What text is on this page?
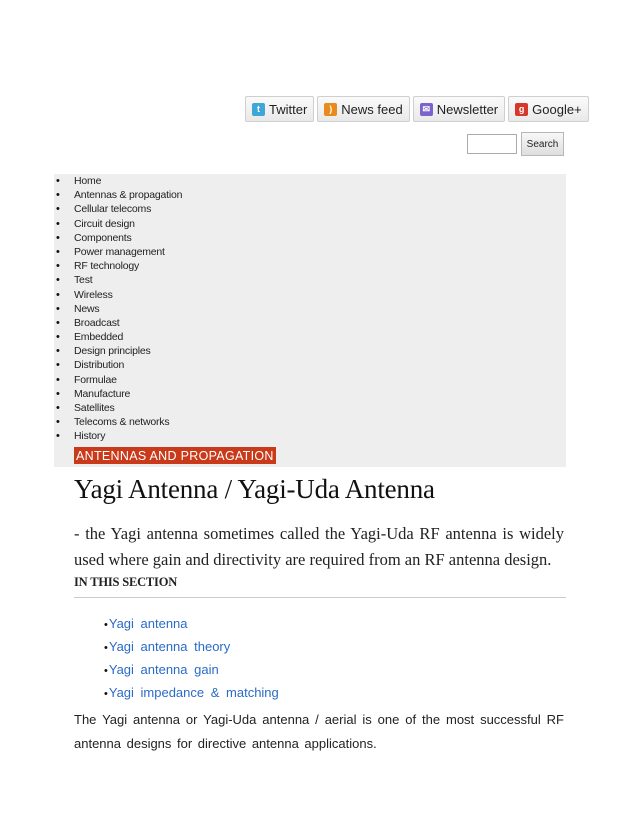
t Twitter	) News feed	✉ Newsletter	g Google+
Search
• Home
• Antennas & propagation
• Cellular telecoms
• Circuit design
• Components
• Power management
• RF technology
• Test
• Wireless
• News
• Broadcast
• Embedded
• Design principles
• Distribution
• Formulae
• Manufacture
• Satellites
• Telecoms & networks
• History
ANTENNAS AND PROPAGATION
Yagi Antenna / Yagi-Uda Antenna

- the Yagi antenna sometimes called the Yagi-Uda RF antenna is widely used where gain and directivity are required from an RF antenna design.

IN THIS SECTION
•Yagi antenna
•Yagi antenna theory
•Yagi antenna gain
•Yagi impedance & matching

The Yagi antenna or Yagi-Uda antenna / aerial is one of the most successful RF antenna designs for directive antenna applications.
